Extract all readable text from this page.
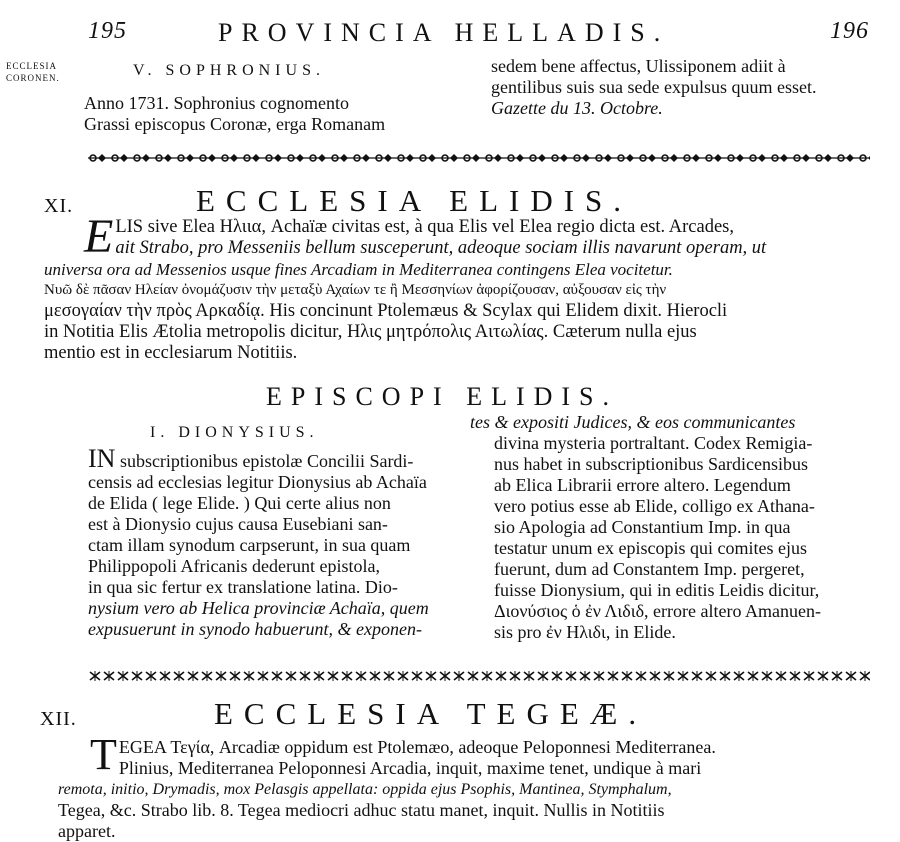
195	PROVINCIA HELLADIS.	196
ECCLESIA
CORONEN.	V. SOPHRONIUS.
Anno 1731. Sophronius cognomento
Grassi episcopus Coronæ, erga Romanam
sedem bene affectus, Ulissiponem adiit à
gentilibus suis sua sede expulsus quum esset.
Gazette du 13. Octobre.
XI.	ECCLESIA ELIDIS.
E LIS sive Elea Ηλιια, Achaïæ civitas est, à qua Elis vel Elea regio dicta est. Arcades,
ait Strabo, pro Messeniis bellum susceperunt, adeoque sociam illis navarunt operam, ut
universa ora ad Messenios usque fines Arcadiam in Mediterranea contingens Elea vocitetur.
Νυῶ δὲ πᾶσαν Ηλείαν ὀνομάζυσιν τὴν μεταξὺ Αχαίων τε ἢ Μεσσηνίων ἀφορίζουσαν, αὐξουσαν εἰς τὴν
μεσογαίαν τὴν πρὸς Αρκαδίᾳ. His concinunt Ptolemæus & Scylax qui Elidem dixit. Hierocli
in Notitia Elis Ætolia metropolis dicitur, Ηλις μητρόπολις Αιτωλίας. Cæterum nulla ejus
mentio est in ecclesiarum Notitiis.
EPISCOPI ELIDIS.
I. DIONYSIUS.
IN subscriptionibus epistolæ Concilii Sardi-
censis ad ecclesias legitur Dionysius ab Achaïa
de Elida ( lege Elide. ) Qui certe alius non
est à Dionysio cujus causa Eusebiani san-
ctam illam synodum carpserunt, in sua quam
Philippopoli Africanis dederunt epistola,
in qua sic fertur ex translatione latina. Dio-
nysium vero ab Helica provinciæ Achaïa, quem
expusuerunt in synodo habuerunt, & exponen-
tes & expositi Judices, & eos communicantes
divina mysteria portraltant. Codex Remigia-
nus habet in subscriptionibus Sardicensibus
ab Elica Librarii errore altero. Legendum
vero potius esse ab Elide, colligo ex Athana-
sio Apologia ad Constantium Imp. in qua
testatur unum ex episcopis qui comites ejus
fuerunt, dum ad Constantem Imp. pergeret,
fuisse Dionysium, qui in editis Leidis dicitur,
Διονύσιος ὁ ἐν Λιδιδ, errore altero Amanuen-
sis pro ἐν Ηλιδι, in Elide.
XII.	ECCLESIA TEGEÆ.
T EGEA Τεγία, Arcadiæ oppidum est Ptolemæo, adeoque Peloponnesi Mediterranea.
Plinius, Mediterranea Peloponnesi Arcadia, inquit, maxime tenet, undique à mari
remota, initio, Drymadis, mox Pelasgis appellata: oppida ejus Psophis, Mantinea, Stymphalum,
Tegea, &c. Strabo lib. 8. Tegea mediocri adhuc statu manet, inquit. Nullis in Notitiis
apparet.
